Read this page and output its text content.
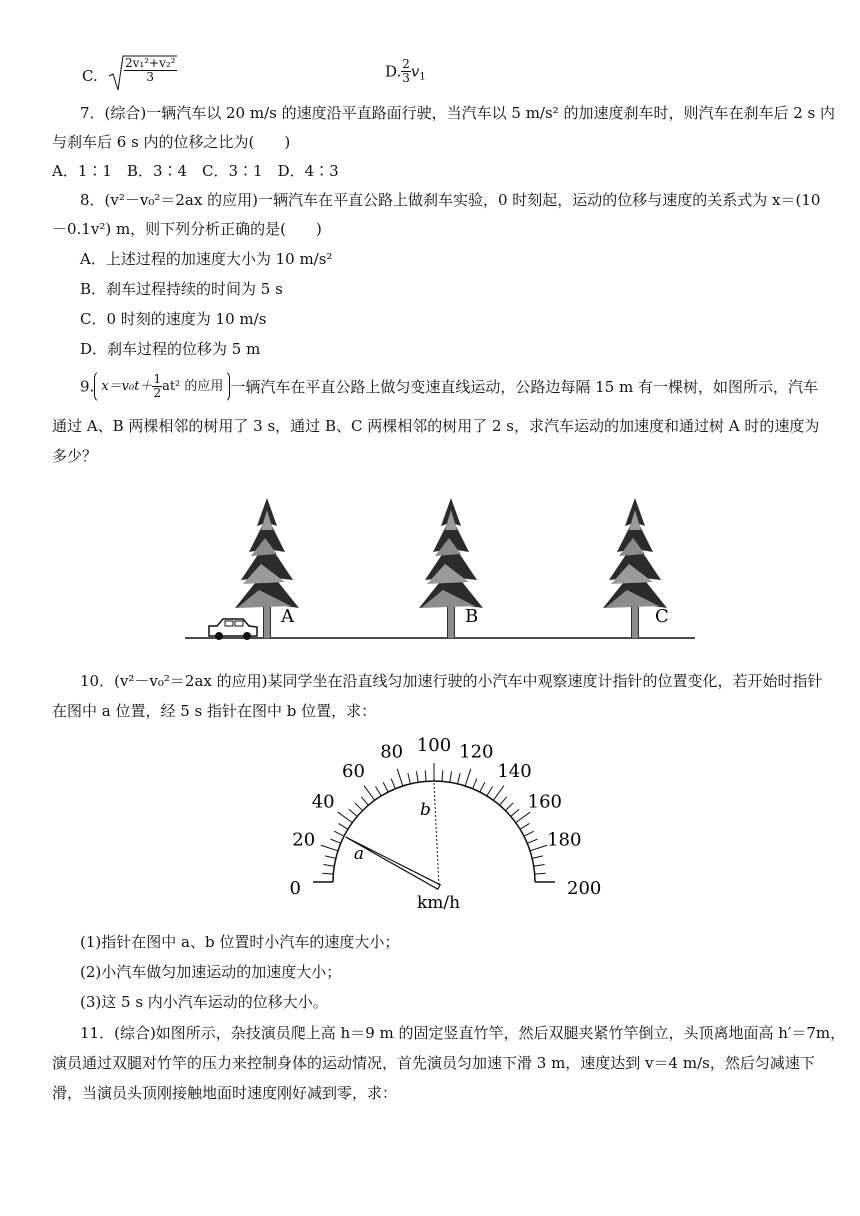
C. $\frac{\text{2v₁²+v₂²}}{3}$	D. $\frac{2}{3} v_1$
7．(综合)一辆汽车以 20 m/s 的速度沿平直路面行驶，当汽车以 5 m/s² 的加速度刹车时，则汽车在刹车后 2 s 内
与刹车后 6 s 内的位移之比为(　　)
A．1∶1　B．3∶4　C．3∶1　D．4∶3
8．(v²－v₀²＝2ax 的应用)一辆汽车在平直公路上做刹车实验，0 时刻起，运动的位移与速度的关系式为 x＝(10
－0.1v²) m，则下列分析正确的是(　　)
A．上述过程的加速度大小为 10 m/s²
B．刹车过程持续的时间为 5 s
C．0 时刻的速度为 10 m/s
D．刹车过程的位移为 5 m
9. $x=v_0t+ \frac{1}{2} at^2$ 的应用 一辆汽车在平直公路上做匀变速直线运动，公路边每隔 15 m 有一棵树，如图所示，汽车
通过 A、B 两棵相邻的树用了 3 s，通过 B、C 两棵相邻的树用了 2 s，求汽车运动的加速度和通过树 A 时的速度为
多少？
A	B	C
10．(v²－v₀²＝2ax 的应用)某同学坐在沿直线匀加速行驶的小汽车中观察速度计指针的位置变化，若开始时指针
在图中 a 位置，经 5 s 指针在图中 b 位置，求：
0
20
40
60
80 100 120
140
160
180
200
a
b
km/h
(1)指针在图中 a、b 位置时小汽车的速度大小；
(2)小汽车做匀加速运动的加速度大小；
(3)这 5 s 内小汽车运动的位移大小。
11．(综合)如图所示，杂技演员爬上高 h＝9 m 的固定竖直竹竿，然后双腿夹紧竹竿倒立，头顶离地面高 h′＝7m，
演员通过双腿对竹竿的压力来控制身体的运动情况，首先演员匀加速下滑 3 m，速度达到 v＝4 m/s，然后匀减速下
滑，当演员头顶刚接触地面时速度刚好减到零，求：
